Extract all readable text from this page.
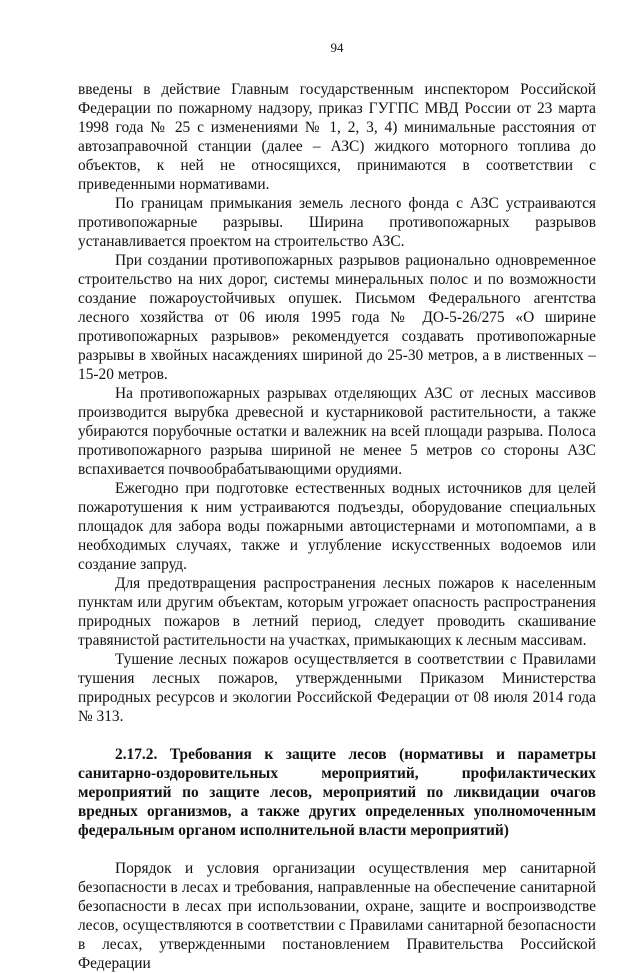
94

введены в действие Главным государственным инспектором Российской Федерации по пожарному надзору, приказ ГУГПС МВД России от 23 марта 1998 года № 25 с изменениями № 1, 2, 3, 4) минимальные расстояния от автозаправочной станции (далее – АЗС) жидкого моторного топлива до объектов, к ней не относящихся, принимаются в соответствии с приведенными нормативами.

По границам примыкания земель лесного фонда с АЗС устраиваются противопожарные разрывы. Ширина противопожарных разрывов устанавливается проектом на строительство АЗС.

При создании противопожарных разрывов рационально одновременное строительство на них дорог, системы минеральных полос и по возможности создание пожароустойчивых опушек. Письмом Федерального агентства лесного хозяйства от 06 июля 1995 года № ДО-5-26/275 «О ширине противопожарных разрывов» рекомендуется создавать противопожарные разрывы в хвойных насаждениях шириной до 25-30 метров, а в лиственных – 15-20 метров.

На противопожарных разрывах отделяющих АЗС от лесных массивов производится вырубка древесной и кустарниковой растительности, а также убираются порубочные остатки и валежник на всей площади разрыва. Полоса противопожарного разрыва шириной не менее 5 метров со стороны АЗС вспахивается почвообрабатывающими орудиями.

Ежегодно при подготовке естественных водных источников для целей пожаротушения к ним устраиваются подъезды, оборудование специальных площадок для забора воды пожарными автоцистернами и мотопомпами, а в необходимых случаях, также и углубление искусственных водоемов или создание запруд.

Для предотвращения распространения лесных пожаров к населенным пунктам или другим объектам, которым угрожает опасность распространения природных пожаров в летний период, следует проводить скашивание травянистой растительности на участках, примыкающих к лесным массивам.

Тушение лесных пожаров осуществляется в соответствии с Правилами тушения лесных пожаров, утвержденными Приказом Министерства природных ресурсов и экологии Российской Федерации от 08 июля 2014 года № 313.

2.17.2. Требования к защите лесов (нормативы и параметры санитарно-оздоровительных мероприятий, профилактических мероприятий по защите лесов, мероприятий по ликвидации очагов вредных организмов, а также других определенных уполномоченным федеральным органом исполнительной власти мероприятий)

Порядок и условия организации осуществления мер санитарной безопасности в лесах и требования, направленные на обеспечение санитарной безопасности в лесах при использовании, охране, защите и воспроизводстве лесов, осуществляются в соответствии с Правилами санитарной безопасности в лесах, утвержденными постановлением Правительства Российской Федерации
